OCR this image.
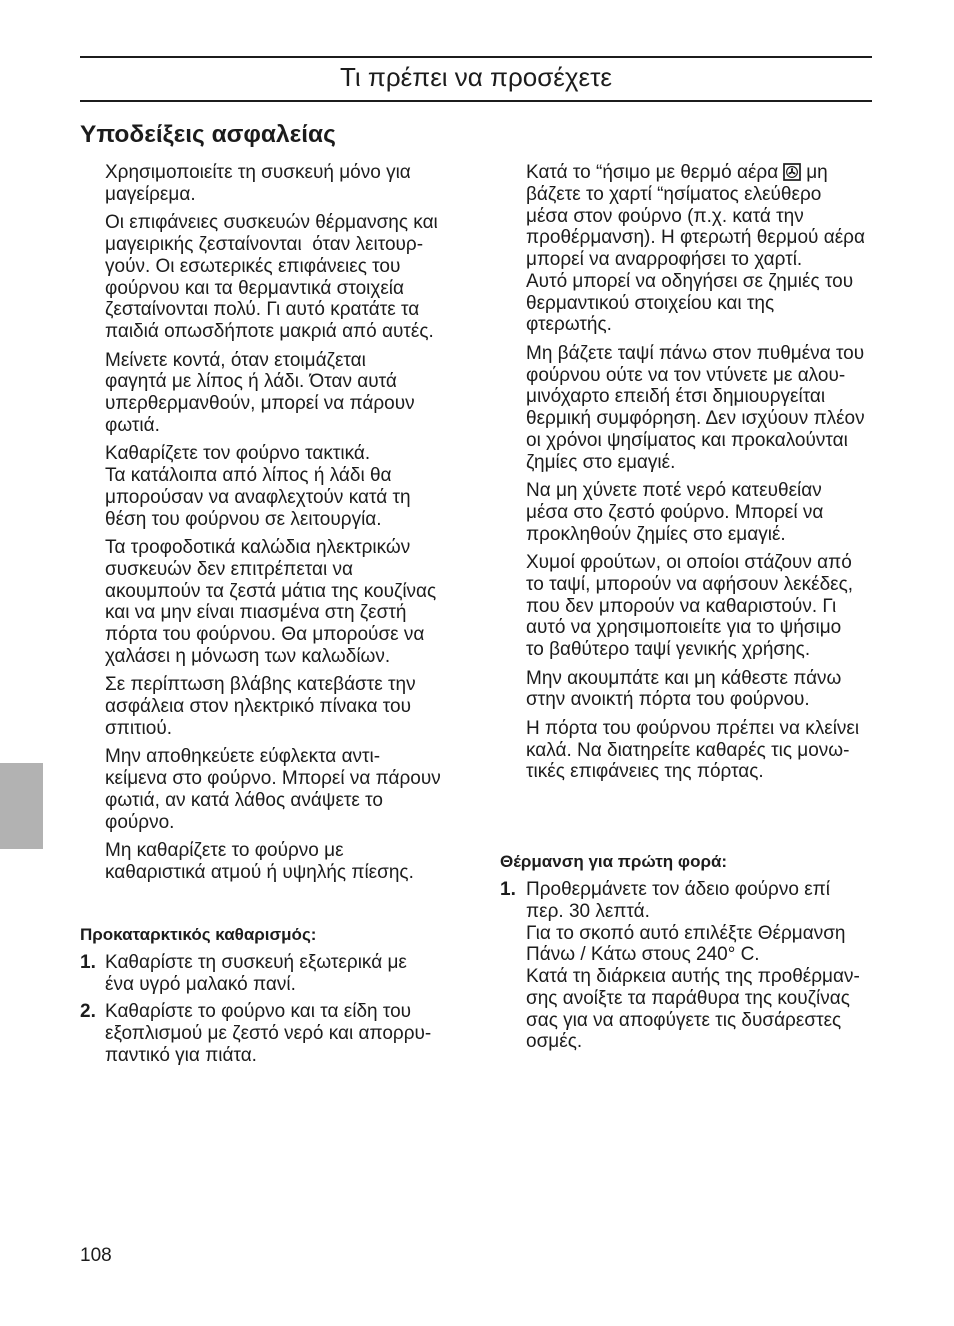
Τι πρέπει να προσέχετε
Υποδείξεις ασφαλείας

Χρησιμοποιείτε τη συσκευή μόνο για
μαγείρεμα.

Οι επιφάνειες συσκευών θέρμανσης και
μαγειρικής ζεσταίνονται  όταν λειτουρ-
γούν. Οι εσωτερικές επιφάνειες του
φούρνου και τα θερμαντικά στοιχεία
ζεσταίνονται πολύ. Γι αυτό κρατάτε τα
παιδιά οπωσδήποτε μακριά από αυτές.

Μείνετε κοντά, όταν ετοιμάζεται
φαγητά με λίπος ή λάδι. Όταν αυτά
υπερθερμανθούν, μπορεί να πάρουν
φωτιά.

Καθαρίζετε τον φούρνο τακτικά.
Τα κατάλοιπα από λίπος ή λάδι θα
μπορούσαν να αναφλεχτούν κατά τη
θέση του φούρνου σε λειτουργία.

Τα τροφοδοτικά καλώδια ηλεκτρικών
συσκευών δεν επιτρέπεται να
ακουμπούν τα ζεστά μάτια της κουζίνας
και να μην είναι πιασμένα στη ζεστή
πόρτα του φούρνου. Θα μπορούσε να
χαλάσει η μόνωση των καλωδίων.

Σε περίπτωση βλάβης κατεβάστε την
ασφάλεια στον ηλεκτρικό πίνακα του
σπιτιού.

Μην αποθηκεύετε εύφλεκτα αντι-
κείμενα στο φούρνο. Μπορεί να πάρουν
φωτιά, αν κατά λάθος ανάψετε το
φούρνο.

Μη καθαρίζετε το φούρνο με
καθαριστικά ατμού ή υψηλής πίεσης.

Προκαταρκτικός καθαρισμός:
1. Καθαρίστε τη συσκευή εξωτερικά με
ένα υγρό μαλακό πανί.
2. Καθαρίστε το φούρνο και τα είδη του
εξοπλισμού με ζεστό νερό και απορρυ-
παντικό για πιάτα.

Κατά το “ήσιμο με θερμό αέρα μη
βάζετε το χαρτί “ησίματος ελεύθερο
μέσα στον φούρνο (π.χ. κατά την
προθέρμανση). Η φτερωτή θερμού αέρα
μπορεί να αναρροφήσει το χαρτί.
Αυτό μπορεί να οδηγήσει σε ζημιές του
θερμαντικού στοιχείου και της
φτερωτής.

Μη βάζετε ταψί πάνω στον πυθμένα του
φούρνου ούτε να τον ντύνετε με αλου-
μινόχαρτο επειδή έτσι δημιουργείται
θερμική συμφόρηση. Δεν ισχύουν πλέον
οι χρόνοι ψησίματος και προκαλούνται
ζημίες στο εμαγιέ.

Να μη χύνετε ποτέ νερό κατευθείαν
μέσα στο ζεστό φούρνο. Μπορεί να
προκληθούν ζημίες στο εμαγιέ.

Χυμοί φρούτων, οι οποίοι στάζουν από
το ταψί, μπορούν να αφήσουν λεκέδες,
που δεν μπορούν να καθαριστούν. Γι
αυτό να χρησιμοποιείτε για το ψήσιμο
το βαθύτερο ταψί γενικής χρήσης.

Μην ακουμπάτε και μη κάθεστε πάνω
στην ανοικτή πόρτα του φούρνου.

Η πόρτα του φούρνου πρέπει να κλείνει
καλά. Να διατηρείτε καθαρές τις μονω-
τικές επιφάνειες της πόρτας.

Θέρμανση για πρώτη φορά:
1. Προθερμάνετε τον άδειο φούρνο επί
περ. 30 λεπτά.
Για το σκοπό αυτό επιλέξτε Θέρμανση
Πάνω / Κάτω στους 240° C.
Κατά τη διάρκεια αυτής της προθέρμαν-
σης ανοίξτε τα παράθυρα της κουζίνας
σας για να αποφύγετε τις δυσάρεστες
οσμές.
108
